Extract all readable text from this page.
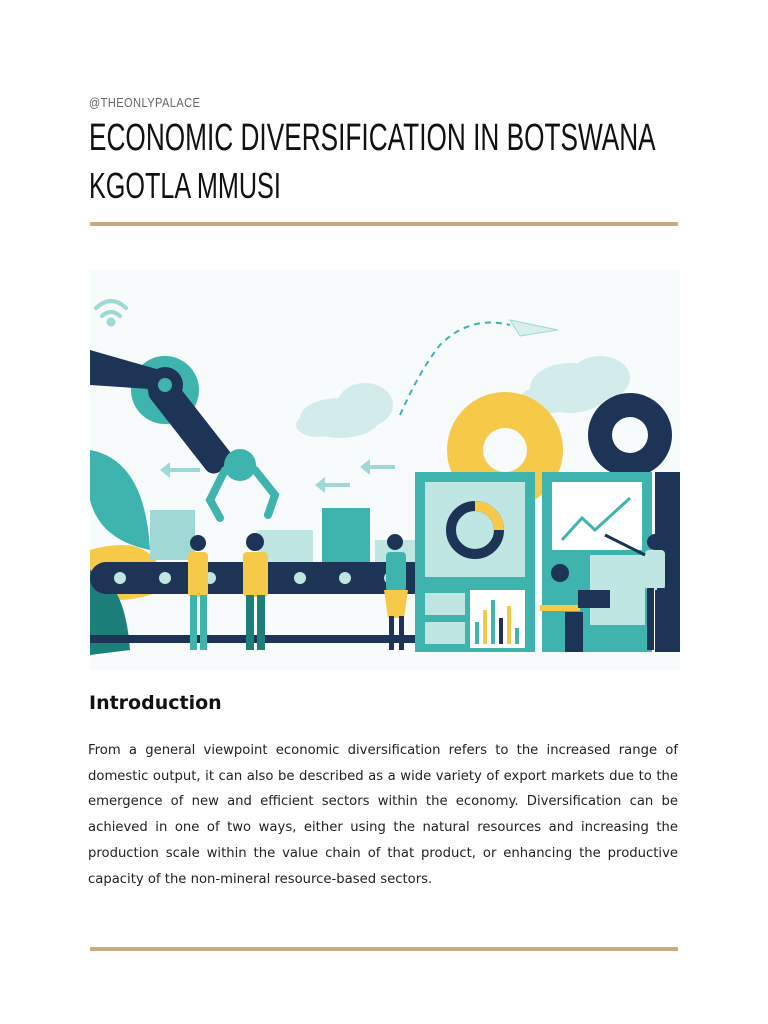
@THEONLYPALACE
ECONOMIC DIVERSIFICATION IN BOTSWANA
KGOTLA MMUSI
Introduction

From a general viewpoint economic diversification refers to the increased range of domestic output, it can also be described as a wide variety of export markets due to the emergence of new and efficient sectors within the economy. Diversification can be achieved in one of two ways, either using the natural resources and increasing the production scale within the value chain of that product, or enhancing the productive capacity of the non-mineral resource-based sectors.
